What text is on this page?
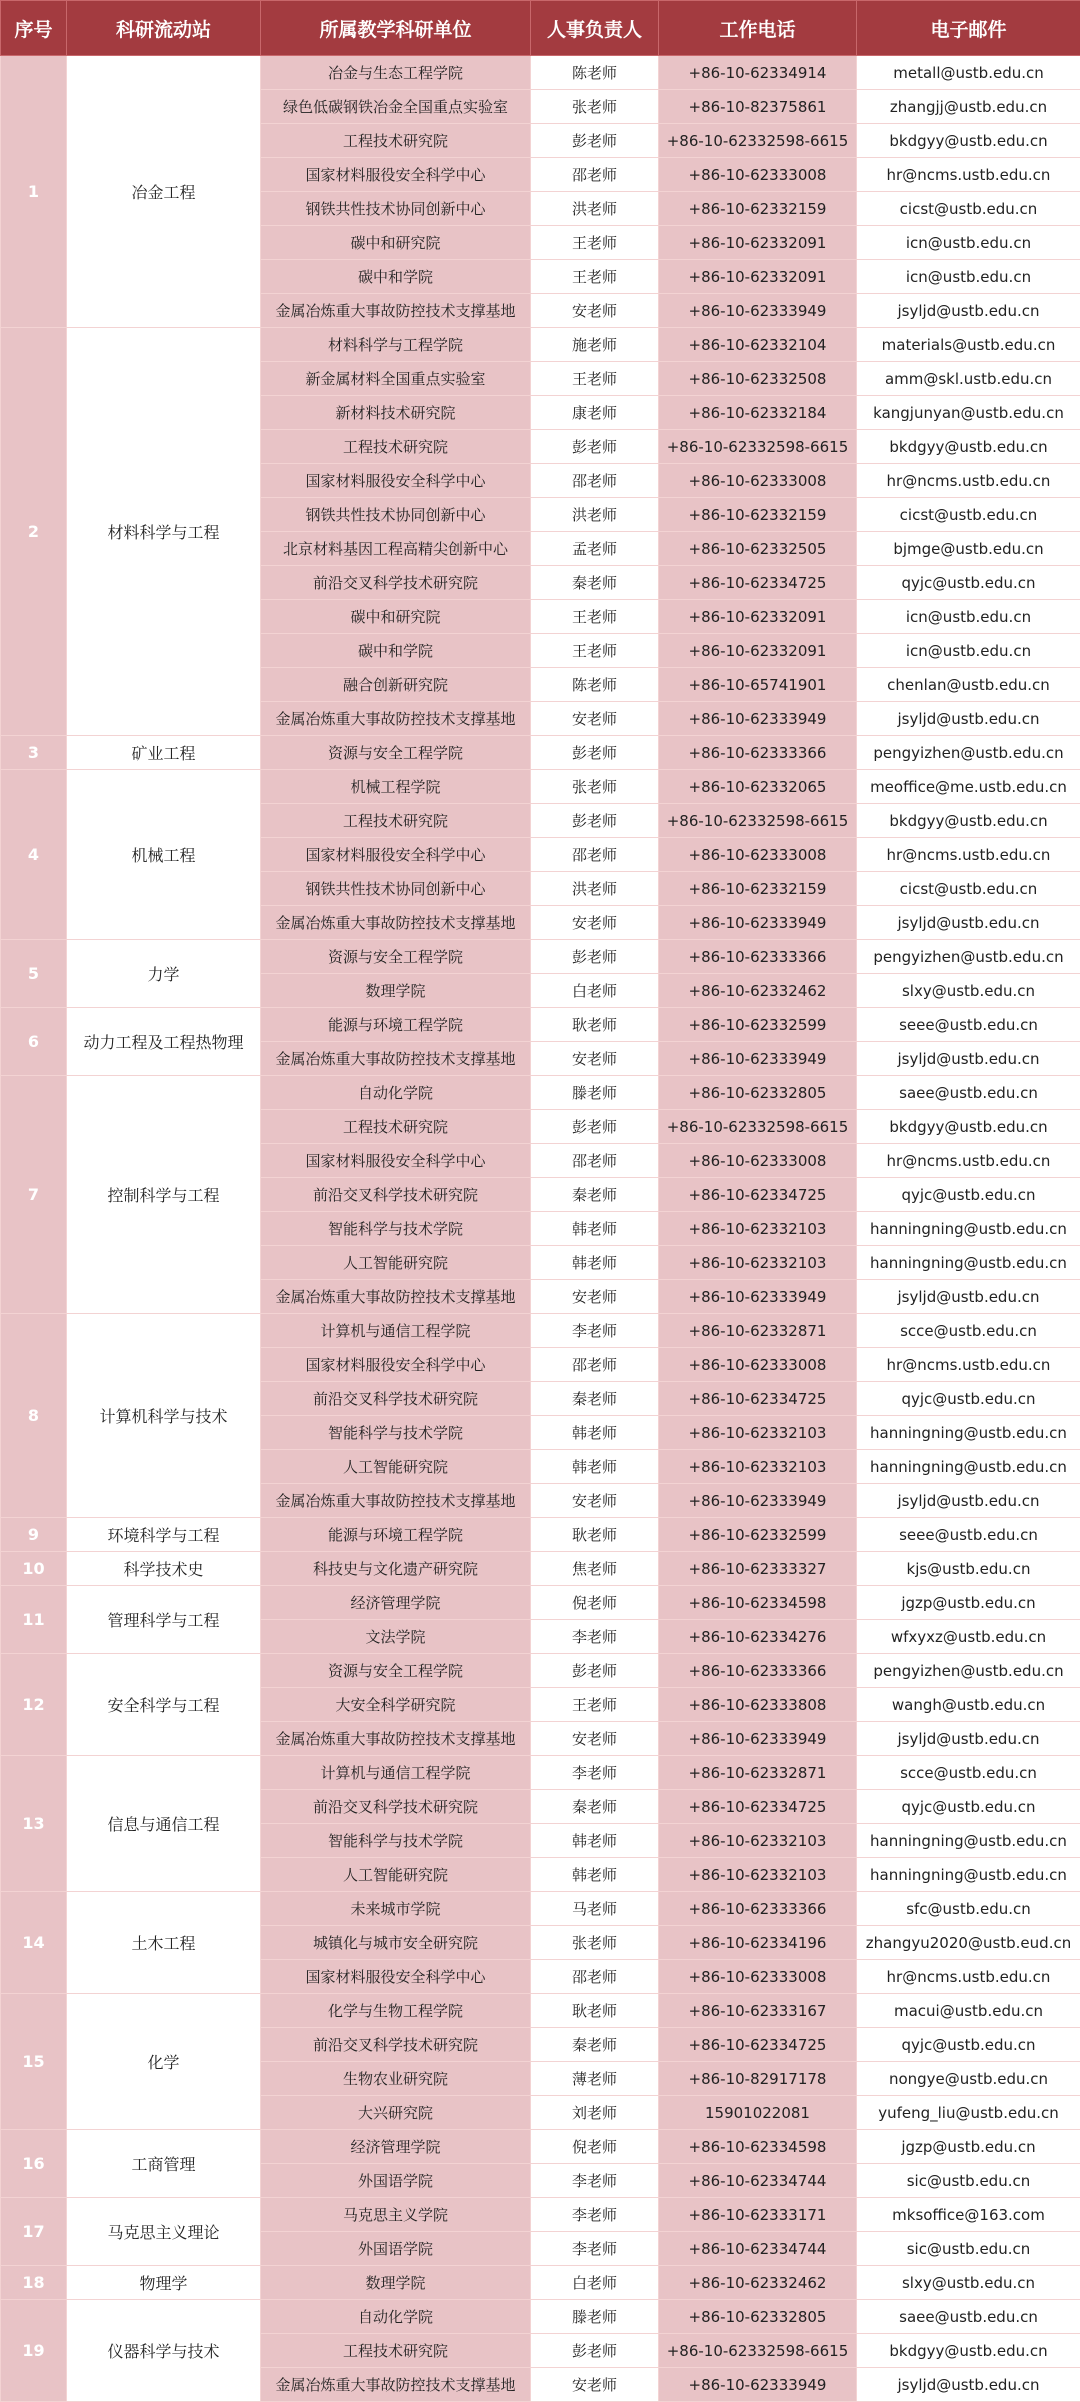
序号	科研流动站	所属教学科研单位	人事负责人	工作电话	电子邮件
1	冶金工程	冶金与生态工程学院	陈老师	+86-10-62334914	metall@ustb.edu.cn
		绿色低碳钢铁冶金全国重点实验室	张老师	+86-10-82375861	zhangjj@ustb.edu.cn
		工程技术研究院	彭老师	+86-10-62332598-6615	bkdgyy@ustb.edu.cn
		国家材料服役安全科学中心	邵老师	+86-10-62333008	hr@ncms.ustb.edu.cn
		钢铁共性技术协同创新中心	洪老师	+86-10-62332159	cicst@ustb.edu.cn
		碳中和研究院	王老师	+86-10-62332091	icn@ustb.edu.cn
		碳中和学院	王老师	+86-10-62332091	icn@ustb.edu.cn
		金属冶炼重大事故防控技术支撑基地	安老师	+86-10-62333949	jsyljd@ustb.edu.cn
2	材料科学与工程	材料科学与工程学院	施老师	+86-10-62332104	materials@ustb.edu.cn
		新金属材料全国重点实验室	王老师	+86-10-62332508	amm@skl.ustb.edu.cn
		新材料技术研究院	康老师	+86-10-62332184	kangjunyan@ustb.edu.cn
		工程技术研究院	彭老师	+86-10-62332598-6615	bkdgyy@ustb.edu.cn
		国家材料服役安全科学中心	邵老师	+86-10-62333008	hr@ncms.ustb.edu.cn
		钢铁共性技术协同创新中心	洪老师	+86-10-62332159	cicst@ustb.edu.cn
		北京材料基因工程高精尖创新中心	孟老师	+86-10-62332505	bjmge@ustb.edu.cn
		前沿交叉科学技术研究院	秦老师	+86-10-62334725	qyjc@ustb.edu.cn
		碳中和研究院	王老师	+86-10-62332091	icn@ustb.edu.cn
		碳中和学院	王老师	+86-10-62332091	icn@ustb.edu.cn
		融合创新研究院	陈老师	+86-10-65741901	chenlan@ustb.edu.cn
		金属冶炼重大事故防控技术支撑基地	安老师	+86-10-62333949	jsyljd@ustb.edu.cn
3	矿业工程	资源与安全工程学院	彭老师	+86-10-62333366	pengyizhen@ustb.edu.cn
4	机械工程	机械工程学院	张老师	+86-10-62332065	meoffice@me.ustb.edu.cn
		工程技术研究院	彭老师	+86-10-62332598-6615	bkdgyy@ustb.edu.cn
		国家材料服役安全科学中心	邵老师	+86-10-62333008	hr@ncms.ustb.edu.cn
		钢铁共性技术协同创新中心	洪老师	+86-10-62332159	cicst@ustb.edu.cn
		金属冶炼重大事故防控技术支撑基地	安老师	+86-10-62333949	jsyljd@ustb.edu.cn
5	力学	资源与安全工程学院	彭老师	+86-10-62333366	pengyizhen@ustb.edu.cn
		数理学院	白老师	+86-10-62332462	slxy@ustb.edu.cn
6	动力工程及工程热物理	能源与环境工程学院	耿老师	+86-10-62332599	seee@ustb.edu.cn
		金属冶炼重大事故防控技术支撑基地	安老师	+86-10-62333949	jsyljd@ustb.edu.cn
7	控制科学与工程	自动化学院	滕老师	+86-10-62332805	saee@ustb.edu.cn
		工程技术研究院	彭老师	+86-10-62332598-6615	bkdgyy@ustb.edu.cn
		国家材料服役安全科学中心	邵老师	+86-10-62333008	hr@ncms.ustb.edu.cn
		前沿交叉科学技术研究院	秦老师	+86-10-62334725	qyjc@ustb.edu.cn
		智能科学与技术学院	韩老师	+86-10-62332103	hanningning@ustb.edu.cn
		人工智能研究院	韩老师	+86-10-62332103	hanningning@ustb.edu.cn
		金属冶炼重大事故防控技术支撑基地	安老师	+86-10-62333949	jsyljd@ustb.edu.cn
8	计算机科学与技术	计算机与通信工程学院	李老师	+86-10-62332871	scce@ustb.edu.cn
		国家材料服役安全科学中心	邵老师	+86-10-62333008	hr@ncms.ustb.edu.cn
		前沿交叉科学技术研究院	秦老师	+86-10-62334725	qyjc@ustb.edu.cn
		智能科学与技术学院	韩老师	+86-10-62332103	hanningning@ustb.edu.cn
		人工智能研究院	韩老师	+86-10-62332103	hanningning@ustb.edu.cn
		金属冶炼重大事故防控技术支撑基地	安老师	+86-10-62333949	jsyljd@ustb.edu.cn
9	环境科学与工程	能源与环境工程学院	耿老师	+86-10-62332599	seee@ustb.edu.cn
10	科学技术史	科技史与文化遗产研究院	焦老师	+86-10-62333327	kjs@ustb.edu.cn
11	管理科学与工程	经济管理学院	倪老师	+86-10-62334598	jgzp@ustb.edu.cn
		文法学院	李老师	+86-10-62334276	wfxyxz@ustb.edu.cn
12	安全科学与工程	资源与安全工程学院	彭老师	+86-10-62333366	pengyizhen@ustb.edu.cn
		大安全科学研究院	王老师	+86-10-62333808	wangh@ustb.edu.cn
		金属冶炼重大事故防控技术支撑基地	安老师	+86-10-62333949	jsyljd@ustb.edu.cn
13	信息与通信工程	计算机与通信工程学院	李老师	+86-10-62332871	scce@ustb.edu.cn
		前沿交叉科学技术研究院	秦老师	+86-10-62334725	qyjc@ustb.edu.cn
		智能科学与技术学院	韩老师	+86-10-62332103	hanningning@ustb.edu.cn
		人工智能研究院	韩老师	+86-10-62332103	hanningning@ustb.edu.cn
14	土木工程	未来城市学院	马老师	+86-10-62333366	sfc@ustb.edu.cn
		城镇化与城市安全研究院	张老师	+86-10-62334196	zhangyu2020@ustb.eud.cn
		国家材料服役安全科学中心	邵老师	+86-10-62333008	hr@ncms.ustb.edu.cn
15	化学	化学与生物工程学院	耿老师	+86-10-62333167	macui@ustb.edu.cn
		前沿交叉科学技术研究院	秦老师	+86-10-62334725	qyjc@ustb.edu.cn
		生物农业研究院	薄老师	+86-10-82917178	nongye@ustb.edu.cn
		大兴研究院	刘老师	15901022081	yufeng_liu@ustb.edu.cn
16	工商管理	经济管理学院	倪老师	+86-10-62334598	jgzp@ustb.edu.cn
		外国语学院	李老师	+86-10-62334744	sic@ustb.edu.cn
17	马克思主义理论	马克思主义学院	李老师	+86-10-62333171	mksoffice@163.com
		外国语学院	李老师	+86-10-62334744	sic@ustb.edu.cn
18	物理学	数理学院	白老师	+86-10-62332462	slxy@ustb.edu.cn
19	仪器科学与技术	自动化学院	滕老师	+86-10-62332805	saee@ustb.edu.cn
		工程技术研究院	彭老师	+86-10-62332598-6615	bkdgyy@ustb.edu.cn
		金属冶炼重大事故防控技术支撑基地	安老师	+86-10-62333949	jsyljd@ustb.edu.cn
